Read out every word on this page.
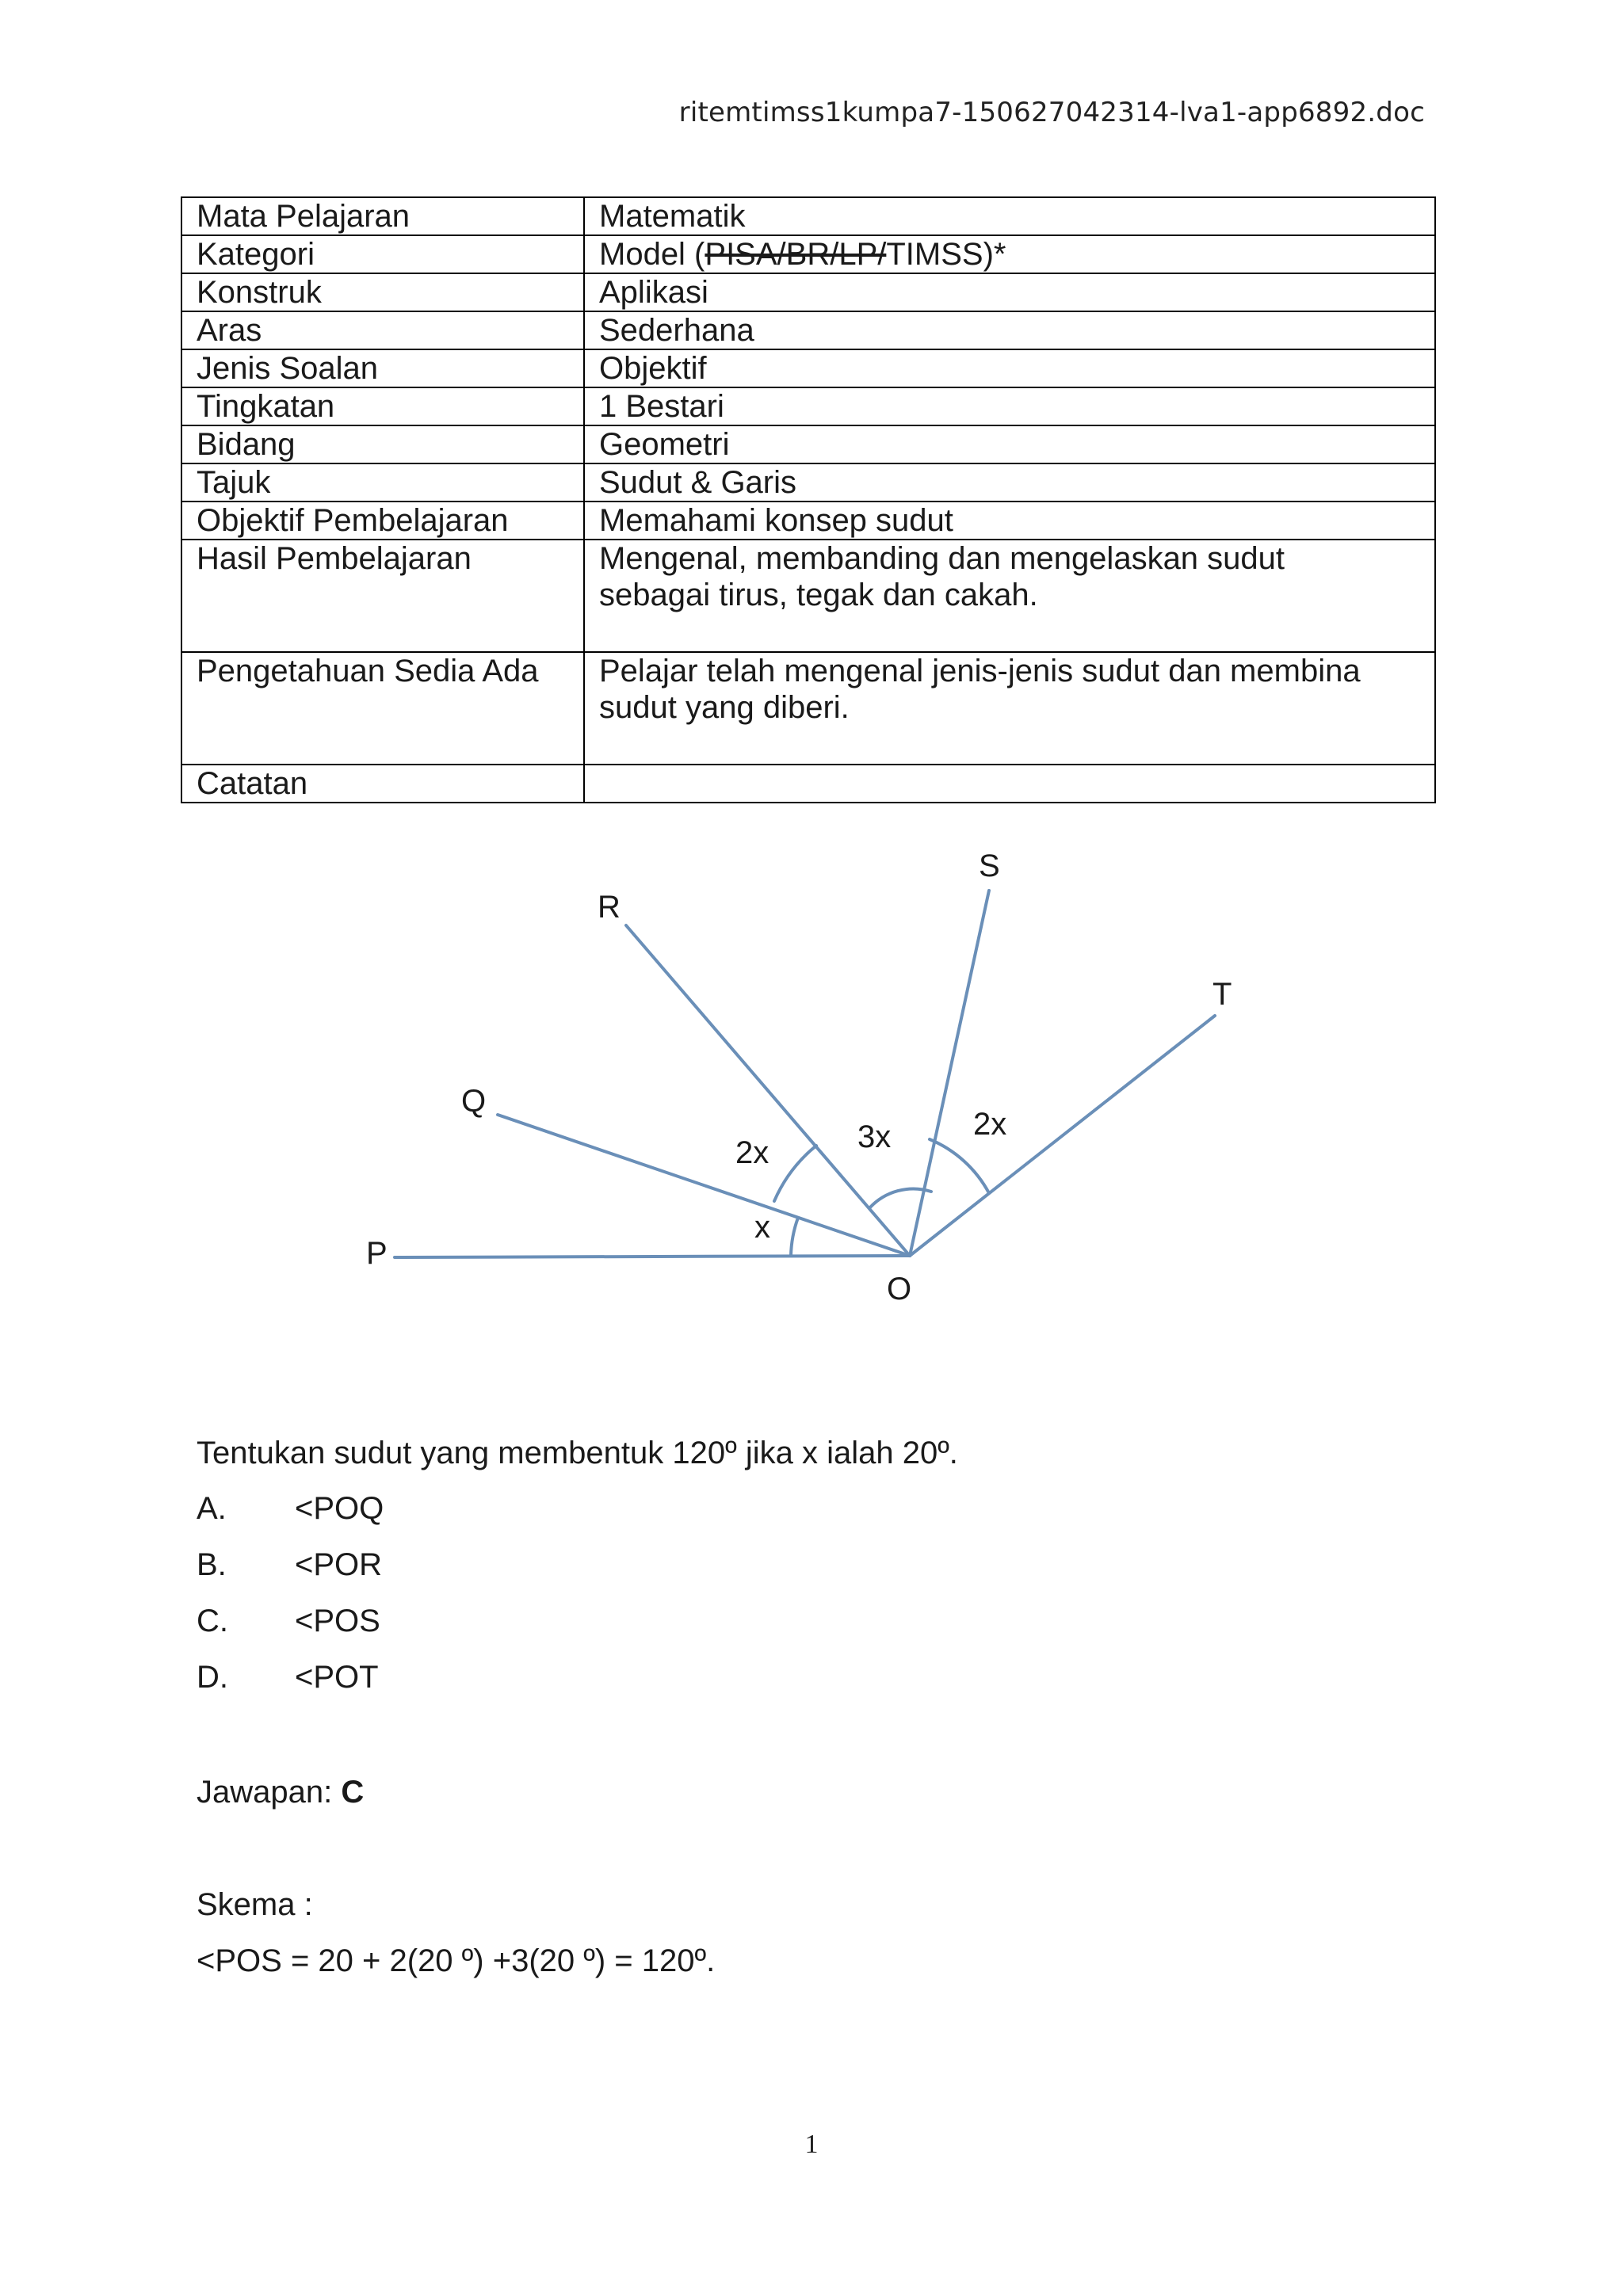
ritemtimss1kumpa7-150627042314-lva1-app6892.doc
Mata Pelajaran	Matematik
Kategori	Model (PISA/BR/LP/TIMSS)*
Konstruk	Aplikasi
Aras	Sederhana
Jenis Soalan	Objektif
Tingkatan	1 Bestari
Bidang	Geometri
Tajuk	Sudut & Garis
Objektif Pembelajaran	Memahami konsep sudut
Hasil Pembelajaran	Mengenal, membanding dan mengelaskan sudut
sebagai tirus, tegak dan cakah.

Pengetahuan Sedia Ada	Pelajar telah mengenal jenis-jenis sudut dan membina
sudut yang diberi.

Catatan	
R
S
T
Q
P
O
2x	3x	2x
x
Tentukan sudut yang membentuk 120º jika x ialah 20º.
A.	<POQ
B.	<POR
C.	<POS
D.	<POT
Jawapan: C
Skema :
<POS = 20 + 2(20 º) +3(20 º) = 120º.
1
